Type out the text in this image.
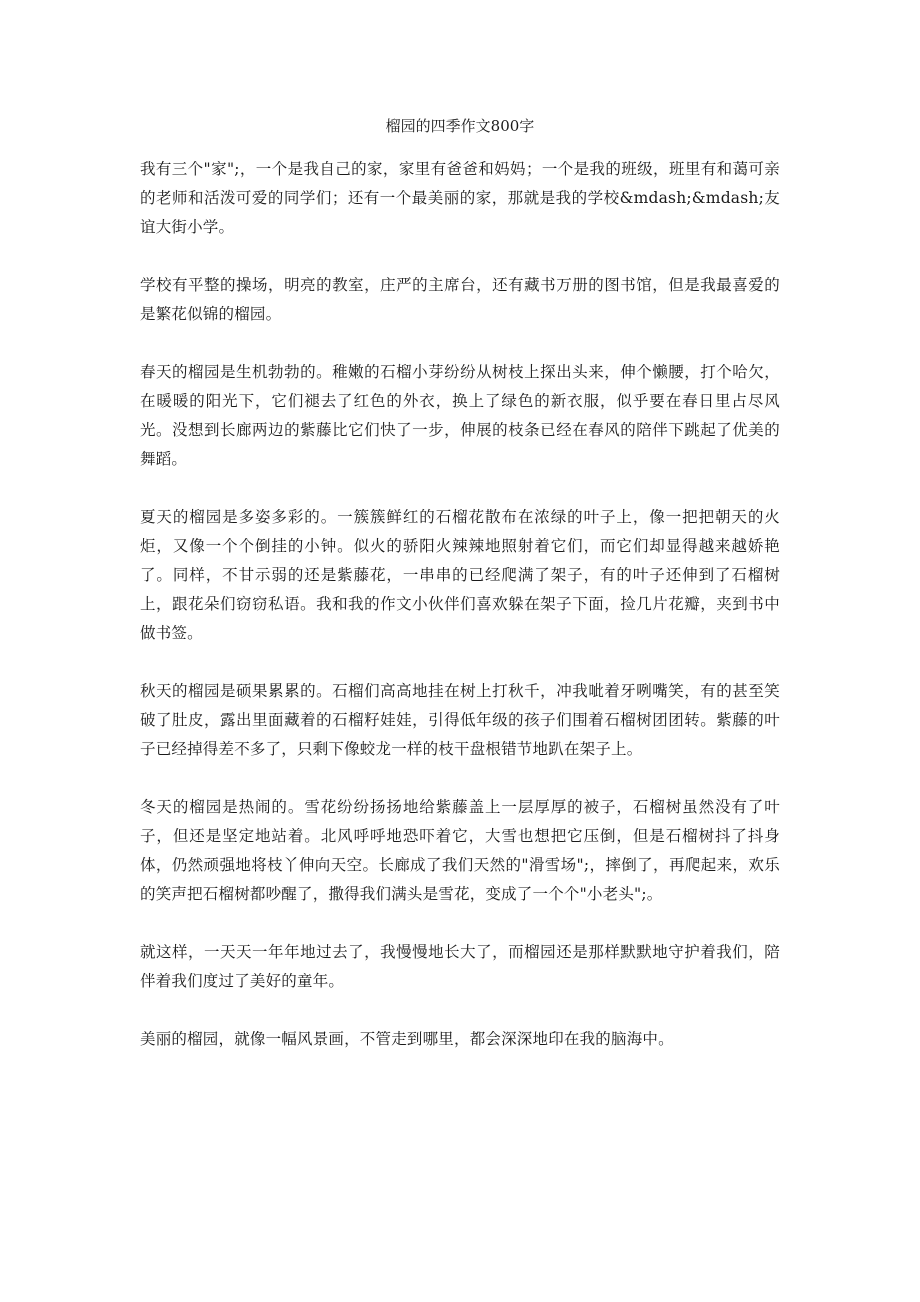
榴园的四季作文800字

我有三个"家";，一个是我自己的家，家里有爸爸和妈妈；一个是我的班级，班里有和蔼可亲的老师和活泼可爱的同学们；还有一个最美丽的家，那就是我的学校&mdash;&mdash;友谊大街小学。

学校有平整的操场，明亮的教室，庄严的主席台，还有藏书万册的图书馆，但是我最喜爱的是繁花似锦的榴园。

春天的榴园是生机勃勃的。稚嫩的石榴小芽纷纷从树枝上探出头来，伸个懒腰，打个哈欠，在暖暖的阳光下，它们褪去了红色的外衣，换上了绿色的新衣服，似乎要在春日里占尽风光。没想到长廊两边的紫藤比它们快了一步，伸展的枝条已经在春风的陪伴下跳起了优美的舞蹈。

夏天的榴园是多姿多彩的。一簇簇鲜红的石榴花散布在浓绿的叶子上，像一把把朝天的火炬，又像一个个倒挂的小钟。似火的骄阳火辣辣地照射着它们，而它们却显得越来越娇艳了。同样，不甘示弱的还是紫藤花，一串串的已经爬满了架子，有的叶子还伸到了石榴树上，跟花朵们窃窃私语。我和我的作文小伙伴们喜欢躲在架子下面，捡几片花瓣，夹到书中做书签。

秋天的榴园是硕果累累的。石榴们高高地挂在树上打秋千，冲我呲着牙咧嘴笑，有的甚至笑破了肚皮，露出里面藏着的石榴籽娃娃，引得低年级的孩子们围着石榴树团团转。紫藤的叶子已经掉得差不多了，只剩下像蛟龙一样的枝干盘根错节地趴在架子上。

冬天的榴园是热闹的。雪花纷纷扬扬地给紫藤盖上一层厚厚的被子，石榴树虽然没有了叶子，但还是坚定地站着。北风呼呼地恐吓着它，大雪也想把它压倒，但是石榴树抖了抖身体，仍然顽强地将枝丫伸向天空。长廊成了我们天然的"滑雪场";，摔倒了，再爬起来，欢乐的笑声把石榴树都吵醒了，撒得我们满头是雪花，变成了一个个"小老头";。

就这样，一天天一年年地过去了，我慢慢地长大了，而榴园还是那样默默地守护着我们，陪伴着我们度过了美好的童年。

美丽的榴园，就像一幅风景画，不管走到哪里，都会深深地印在我的脑海中。
